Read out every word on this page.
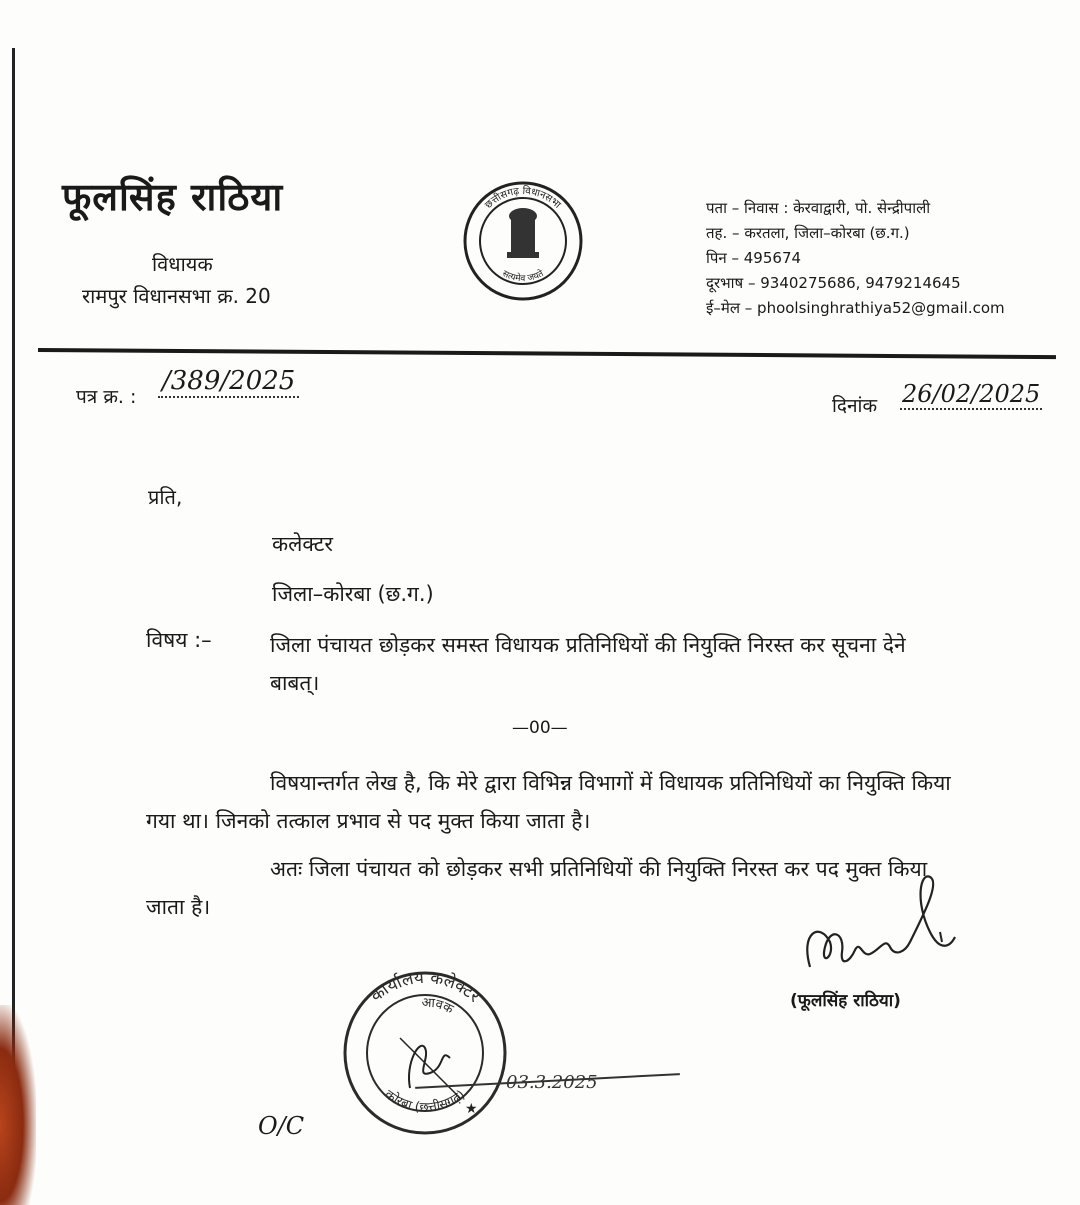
फूलसिंह राठिया
विधायक
रामपुर विधानसभा क्र. 20
छत्तीसगढ़ विधानसभा
सत्यमेव जयते
पता – निवास : केरवाद्वारी, पो. सेन्द्रीपाली
तह. – करतला, जिला–कोरबा (छ.ग.)
पिन – 495674
दूरभाष – 9340275686, 9479214645
ई–मेल – phoolsinghrathiya52@gmail.com
पत्र क्र. :
/389/2025
दिनांक 26/02/2025
प्रति,
कलेक्टर
जिला–कोरबा (छ.ग.)
विषय :–	जिला पंचायत छोड़कर समस्त विधायक प्रतिनिधियों की नियुक्ति निरस्त कर सूचना देने बाबत्।
—00—
विषयान्तर्गत लेख है, कि मेरे द्वारा विभिन्न विभागों में विधायक प्रतिनिधियों का नियुक्ति किया गया था। जिनको तत्काल प्रभाव से पद मुक्त किया जाता है।
अतः जिला पंचायत को छोड़कर सभी प्रतिनिधियों की नियुक्ति निरस्त कर पद मुक्त किया जाता है।
(फूलसिंह राठिया)
कार्यालय कलेक्टर
आवक
कोरबा (छत्तीसगढ़)
★
03.3.2025
O/C
